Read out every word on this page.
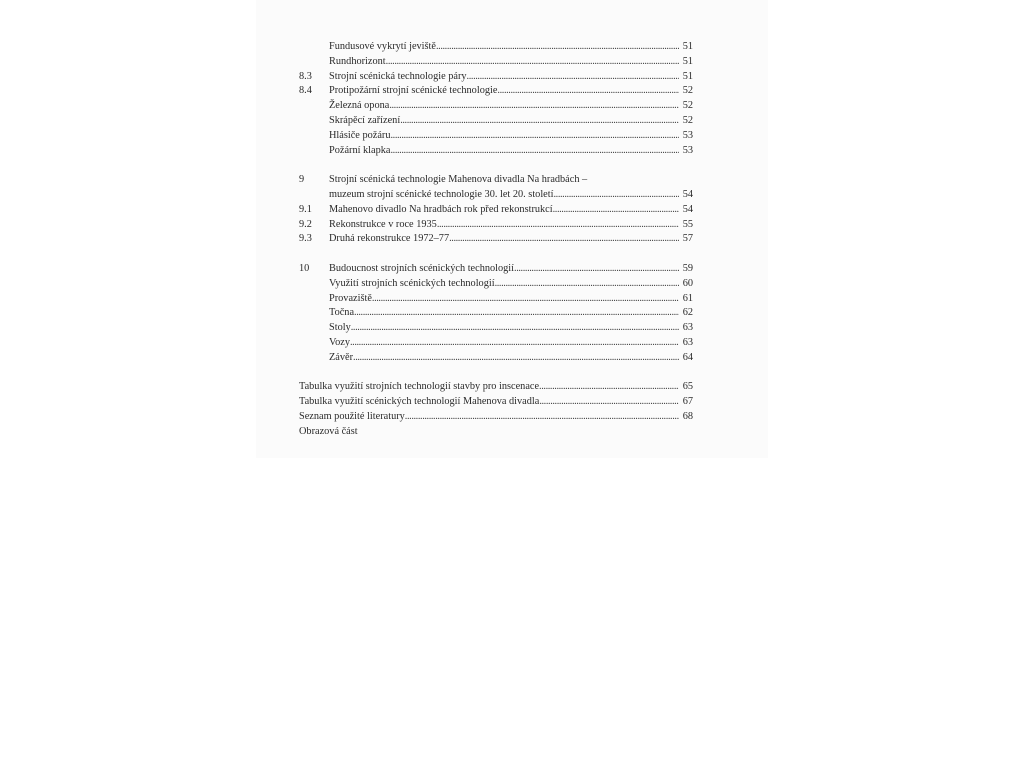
Fundusové vykrytí jeviště .....	51
Rundhorizont .....	51
8.3	Strojní scénická technologie páry .....	51
8.4	Protipožární strojní scénické technologie .....	52
Železná opona .....	52
Skrápěcí zařízení .....	52
Hlásiče požáru .....	53
Požární klapka .....	53
9	Strojní scénická technologie Mahenova divadla Na hradbách –
muzeum strojní scénické technologie 30. let 20. století .....	54
9.1	Mahenovo divadlo Na hradbách rok před rekonstrukcí .....	54
9.2	Rekonstrukce v roce 1935 .....	55
9.3	Druhá rekonstrukce 1972–77 .....	57
10	Budoucnost strojních scénických technologií .....	59
Využití strojních scénických technologií .....	60
Provaziště .....	61
Točna .....	62
Stoly .....	63
Vozy .....	63
Závěr .....	64
Tabulka využití strojních technologií stavby pro inscenace .....	65
Tabulka využití scénických technologií Mahenova divadla .....	67
Seznam použité literatury .....	68
Obrazová část
